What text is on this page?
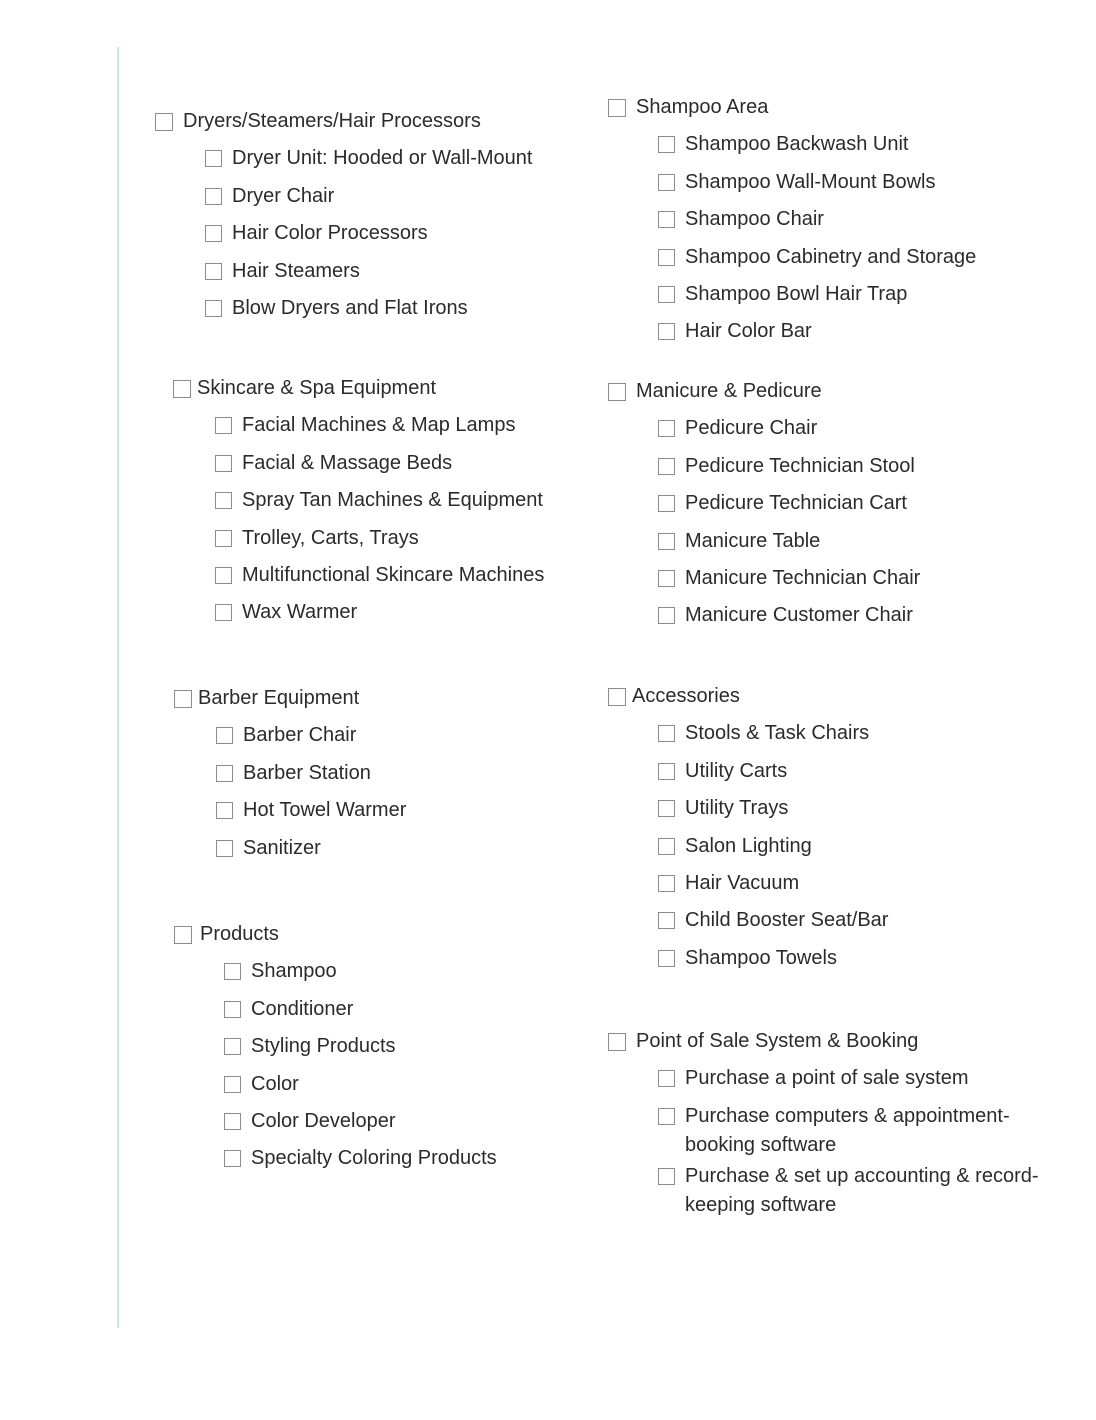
Dryers/Steamers/Hair Processors
Dryer Unit: Hooded or Wall-Mount
Dryer Chair
Hair Color Processors
Hair Steamers
Blow Dryers and Flat Irons
Skincare & Spa Equipment
Facial Machines & Map Lamps
Facial & Massage Beds
Spray Tan Machines & Equipment
Trolley, Carts, Trays
Multifunctional Skincare Machines
Wax Warmer
Barber Equipment
Barber Chair
Barber Station
Hot Towel Warmer
Sanitizer
Products
Shampoo
Conditioner
Styling Products
Color
Color Developer
Specialty Coloring Products
Shampoo Area
Shampoo Backwash Unit
Shampoo Wall-Mount Bowls
Shampoo Chair
Shampoo Cabinetry and Storage
Shampoo Bowl Hair Trap
Hair Color Bar
Manicure & Pedicure
Pedicure Chair
Pedicure Technician Stool
Pedicure Technician Cart
Manicure Table
Manicure Technician Chair
Manicure Customer Chair
Accessories
Stools & Task Chairs
Utility Carts
Utility Trays
Salon Lighting
Hair Vacuum
Child Booster Seat/Bar
Shampoo Towels
Point of Sale System & Booking
Purchase a point of sale system
Purchase computers & appointment-booking software
Purchase & set up accounting & record-keeping software
